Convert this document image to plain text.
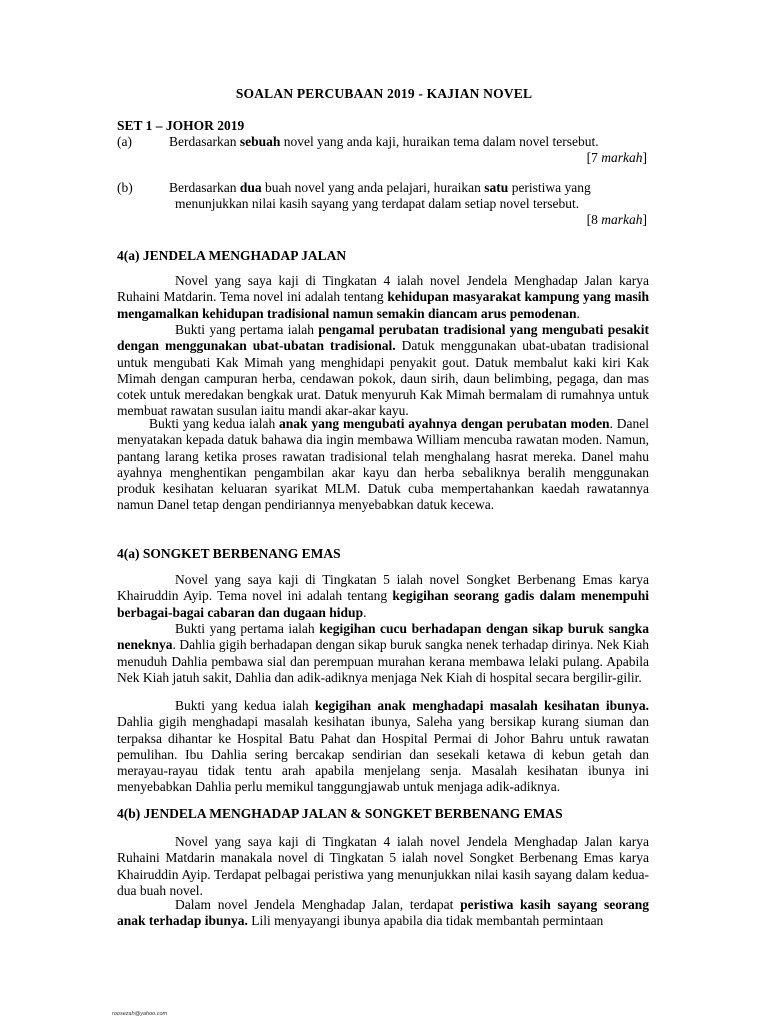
SOALAN PERCUBAAN 2019 - KAJIAN NOVEL
SET 1 – JOHOR 2019
(a)	Berdasarkan sebuah novel yang anda kaji, huraikan tema dalam novel tersebut.
[7 markah]
(b)	Berdasarkan dua buah novel yang anda pelajari, huraikan satu peristiwa yang
menunjukkan nilai kasih sayang yang terdapat dalam setiap novel tersebut.
[8 markah]
4(a) JENDELA MENGHADAP JALAN

Novel yang saya kaji di Tingkatan 4 ialah novel Jendela Menghadap Jalan karya Ruhaini Matdarin. Tema novel ini adalah tentang kehidupan masyarakat kampung yang masih mengamalkan kehidupan tradisional namun semakin diancam arus pemodenan.

Bukti yang pertama ialah pengamal perubatan tradisional yang mengubati pesakit dengan menggunakan ubat-ubatan tradisional. Datuk menggunakan ubat-ubatan tradisional untuk mengubati Kak Mimah yang menghidapi penyakit gout. Datuk membalut kaki kiri Kak Mimah dengan campuran herba, cendawan pokok, daun sirih, daun belimbing, pegaga, dan mas cotek untuk meredakan bengkak urat. Datuk menyuruh Kak Mimah bermalam di rumahnya untuk membuat rawatan susulan iaitu mandi akar-akar kayu.

Bukti yang kedua ialah anak yang mengubati ayahnya dengan perubatan moden. Danel menyatakan kepada datuk bahawa dia ingin membawa William mencuba rawatan moden. Namun, pantang larang ketika proses rawatan tradisional telah menghalang hasrat mereka. Danel mahu ayahnya menghentikan pengambilan akar kayu dan herba sebaliknya beralih menggunakan produk kesihatan keluaran syarikat MLM. Datuk cuba mempertahankan kaedah rawatannya namun Danel tetap dengan pendiriannya menyebabkan datuk kecewa.

4(a) SONGKET BERBENANG EMAS

Novel yang saya kaji di Tingkatan 5 ialah novel Songket Berbenang Emas karya Khairuddin Ayip. Tema novel ini adalah tentang kegigihan seorang gadis dalam menempuhi berbagai-bagai cabaran dan dugaan hidup.

Bukti yang pertama ialah kegigihan cucu berhadapan dengan sikap buruk sangka neneknya. Dahlia gigih berhadapan dengan sikap buruk sangka nenek terhadap dirinya. Nek Kiah menuduh Dahlia pembawa sial dan perempuan murahan kerana membawa lelaki pulang. Apabila Nek Kiah jatuh sakit, Dahlia dan adik-adiknya menjaga Nek Kiah di hospital secara bergilir-gilir.

Bukti yang kedua ialah kegigihan anak menghadapi masalah kesihatan ibunya. Dahlia gigih menghadapi masalah kesihatan ibunya, Saleha yang bersikap kurang siuman dan terpaksa dihantar ke Hospital Batu Pahat dan Hospital Permai di Johor Bahru untuk rawatan pemulihan. Ibu Dahlia sering bercakap sendirian dan sesekali ketawa di kebun getah dan merayau-rayau tidak tentu arah apabila menjelang senja. Masalah kesihatan ibunya ini menyebabkan Dahlia perlu memikul tanggungjawab untuk menjaga adik-adiknya.

4(b) JENDELA MENGHADAP JALAN & SONGKET BERBENANG EMAS

Novel yang saya kaji di Tingkatan 4 ialah novel Jendela Menghadap Jalan karya Ruhaini Matdarin manakala novel di Tingkatan 5 ialah novel Songket Berbenang Emas karya Khairuddin Ayip. Terdapat pelbagai peristiwa yang menunjukkan nilai kasih sayang dalam kedua-dua buah novel.

Dalam novel Jendela Menghadap Jalan, terdapat peristiwa kasih sayang seorang anak terhadap ibunya. Lili menyayangi ibunya apabila dia tidak membantah permintaan

roosezah@yahoo.com
